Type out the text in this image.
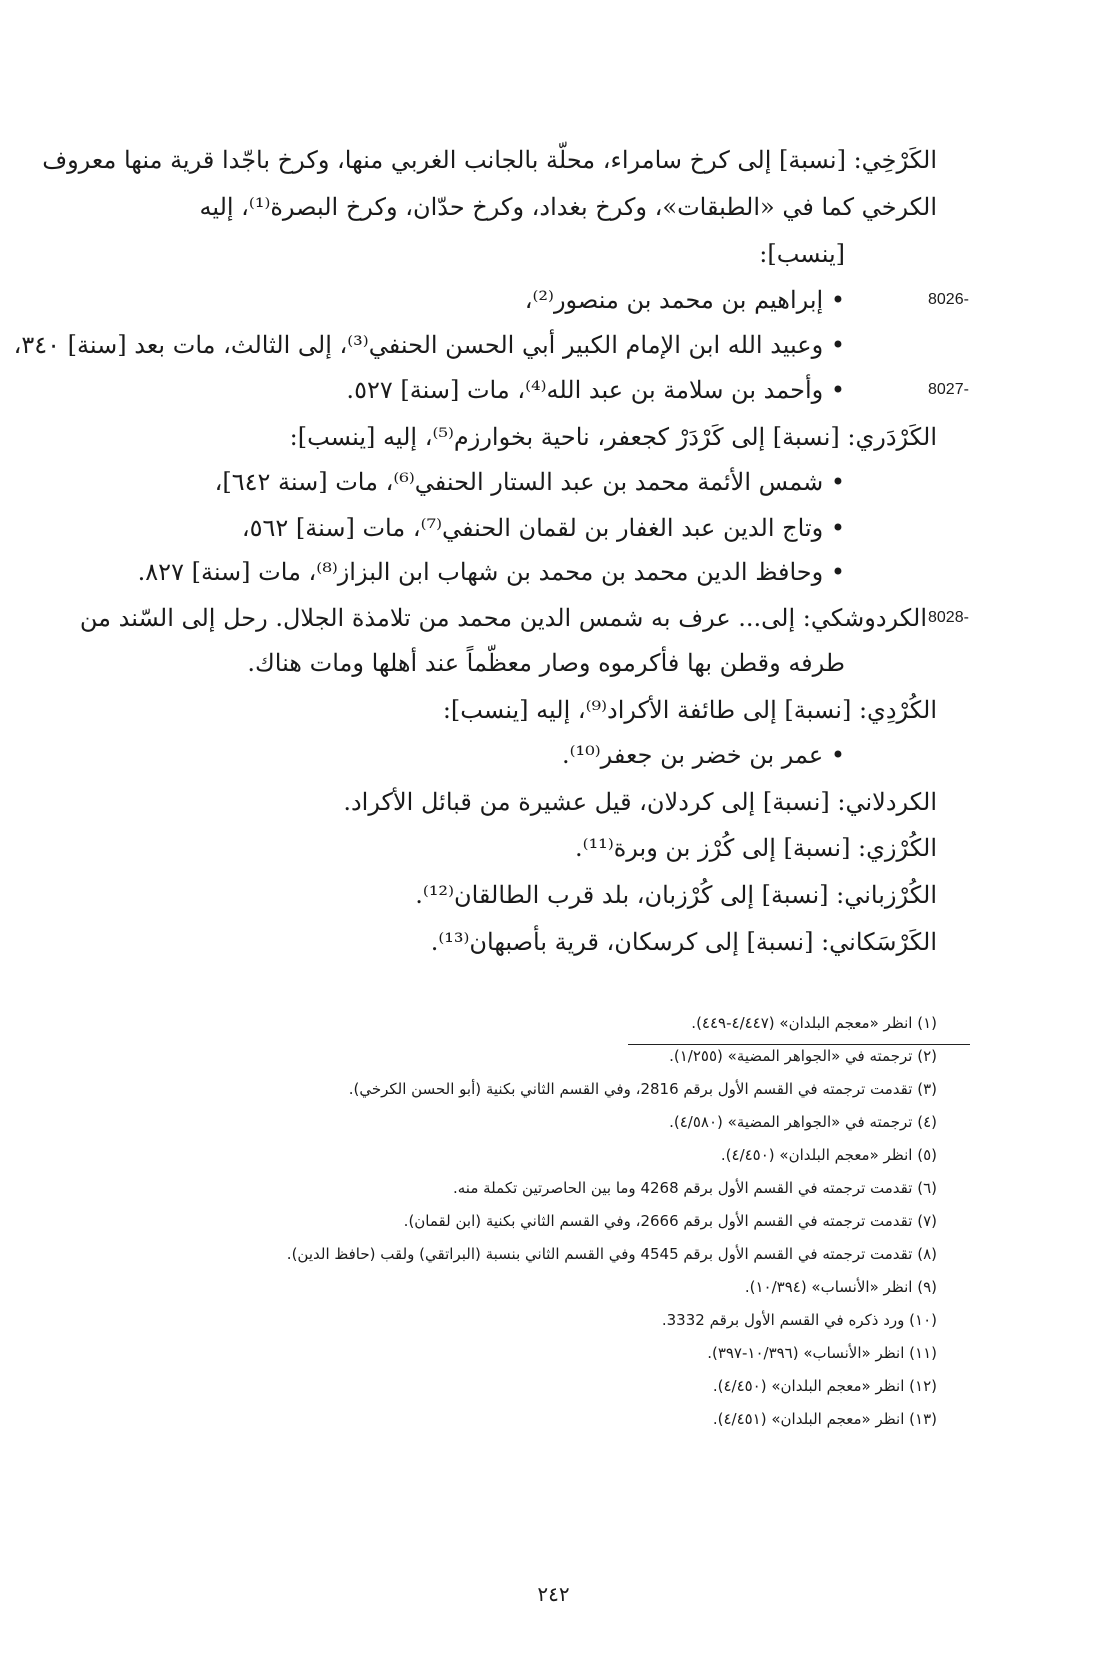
الكَرْخِي: [نسبة] إلى كرخ سامراء، محلّة بالجانب الغربي منها، وكرخ باجّدا قرية منها معروف
الكرخي كما في «الطبقات»، وكرخ بغداد، وكرخ حدّان، وكرخ البصرة⁽¹⁾، إليه
[ينسب]:
8026-
• إبراهيم بن محمد بن منصور⁽²⁾،
• وعبيد الله ابن الإمام الكبير أبي الحسن الحنفي⁽³⁾، إلى الثالث، مات بعد [سنة] ٣٤٠،
8027-
• وأحمد بن سلامة بن عبد الله⁽⁴⁾، مات [سنة] ٥٢٧.
الكَرْدَري: [نسبة] إلى كَرْدَرْ كجعفر، ناحية بخوارزم⁽⁵⁾، إليه [ينسب]:
• شمس الأئمة محمد بن عبد الستار الحنفي⁽⁶⁾، مات [سنة ٦٤٢]،
• وتاج الدين عبد الغفار بن لقمان الحنفي⁽⁷⁾، مات [سنة] ٥٦٢،
• وحافظ الدين محمد بن محمد بن شهاب ابن البزاز⁽⁸⁾، مات [سنة] ٨٢٧.
8028-
الكردوشكي: إلى... عرف به شمس الدين محمد من تلامذة الجلال. رحل إلى السّند من
طرفه وقطن بها فأكرموه وصار معظّماً عند أهلها ومات هناك.
الكُرْدِي: [نسبة] إلى طائفة الأكراد⁽⁹⁾، إليه [ينسب]:
• عمر بن خضر بن جعفر⁽¹⁰⁾.
الكردلاني: [نسبة] إلى كردلان، قيل عشيرة من قبائل الأكراد.
الكُرْزي: [نسبة] إلى كُرْز بن وبرة⁽¹¹⁾.
الكُرْزباني: [نسبة] إلى كُرْزبان، بلد قرب الطالقان⁽¹²⁾.
الكَرْسَكاني: [نسبة] إلى كرسكان، قرية بأصبهان⁽¹³⁾.
(١) انظر «معجم البلدان» (٤/٤٤٧-٤٤٩).
(٢) ترجمته في «الجواهر المضية» (١/٢٥٥).
(٣) تقدمت ترجمته في القسم الأول برقم 2816، وفي القسم الثاني بكنية (أبو الحسن الكرخي).
(٤) ترجمته في «الجواهر المضية» (٤/٥٨٠).
(٥) انظر «معجم البلدان» (٤/٤٥٠).
(٦) تقدمت ترجمته في القسم الأول برقم 4268 وما بين الحاصرتين تكملة منه.
(٧) تقدمت ترجمته في القسم الأول برقم 2666، وفي القسم الثاني بكنية (ابن لقمان).
(٨) تقدمت ترجمته في القسم الأول برقم 4545 وفي القسم الثاني بنسبة (البراتقي) ولقب (حافظ الدين).
(٩) انظر «الأنساب» (١٠/٣٩٤).
(١٠) ورد ذكره في القسم الأول برقم 3332.
(١١) انظر «الأنساب» (١٠/٣٩٦-٣٩٧).
(١٢) انظر «معجم البلدان» (٤/٤٥٠).
(١٣) انظر «معجم البلدان» (٤/٤٥١).
٢٤٢
